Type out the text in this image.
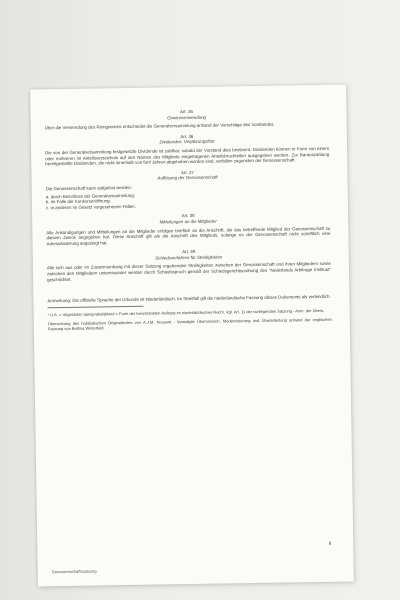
Art. 35
Gewinnverwendung

Über die Verwendung des Reingewinns entscheidet die Generalversammlung anhand der Vorschläge des Vorstandes.

Art. 36
Dividenden, Verjährungsfrist

Die von der Generalversammlung festgesetzte Dividende ist zahlbar, sobald der Vorstand dies bestimmt. Dividenden können in Form von einem oder mehreren im Anteilsverzeichnis auf den Namen des Mitglieds eingetragenen Anteilsbruchteilen ausgegeben werden. Zur Barauszahlung bereitgestellte Dividenden, die nicht innerhalb von fünf Jahren abgehoben worden sind, verfallen zugunsten der Genossenschaft.

Art. 37
Auflösung der Genossenschaft

Die Genossenschaft kann aufgelöst werden:

a. durch Beschluss der Generalversammlung;

b. im Falle der Konkurseröffnung;

c. in anderen im Gesetz vorgesehenen Fällen.

Art. 38
Mitteilungen an die Mitglieder

Alle Ankündigungen und Mitteilungen an die Mitglieder erfolgen brieflich an die Anschrift, die das betreffende Mitglied der Genossenschaft zu diesem Zweck angegeben hat. Diese Anschrift gilt als die Anschrift des Mitglieds, solange es der Genossenschaft nicht schriftlich eine Adressänderung angezeigt hat.

Art. 39
Schiedsverfahren für Streitigkeiten

Alle sich aus oder im Zusammenhang mit dieser Satzung ergebenden Streitigkeiten zwischen der Genossenschaft und ihren Mitgliedern sowie zwischen den Mitgliedern untereinander werden durch Schiedsspruch gemäß der Schiedsgerichtsordnung des "Nederlands Arbitrage Instituut" geschlichtet.

Anmerkung: Die offizielle Sprache der Urkunde ist Niederländisch. Im Streitfall gilt die niederländische Fassung dieses Dokuments als verbindlich.

¹ U.A. = Uitgesloten aansprakelijkheid = Form der beschränkten Haftung im niederländischen Recht. Vgl. Art. 11 der vorliegenden Satzung - Anm. der Übers.

Übersetzung des holländischen Originaltextes von A.J.M. Nossent - Vereidigte Übersetzerin. Modernisierung und Überarbeitung anhand der englischen Fassung von Bettina Winterfeld.

8
Genossenschaftssatzung
